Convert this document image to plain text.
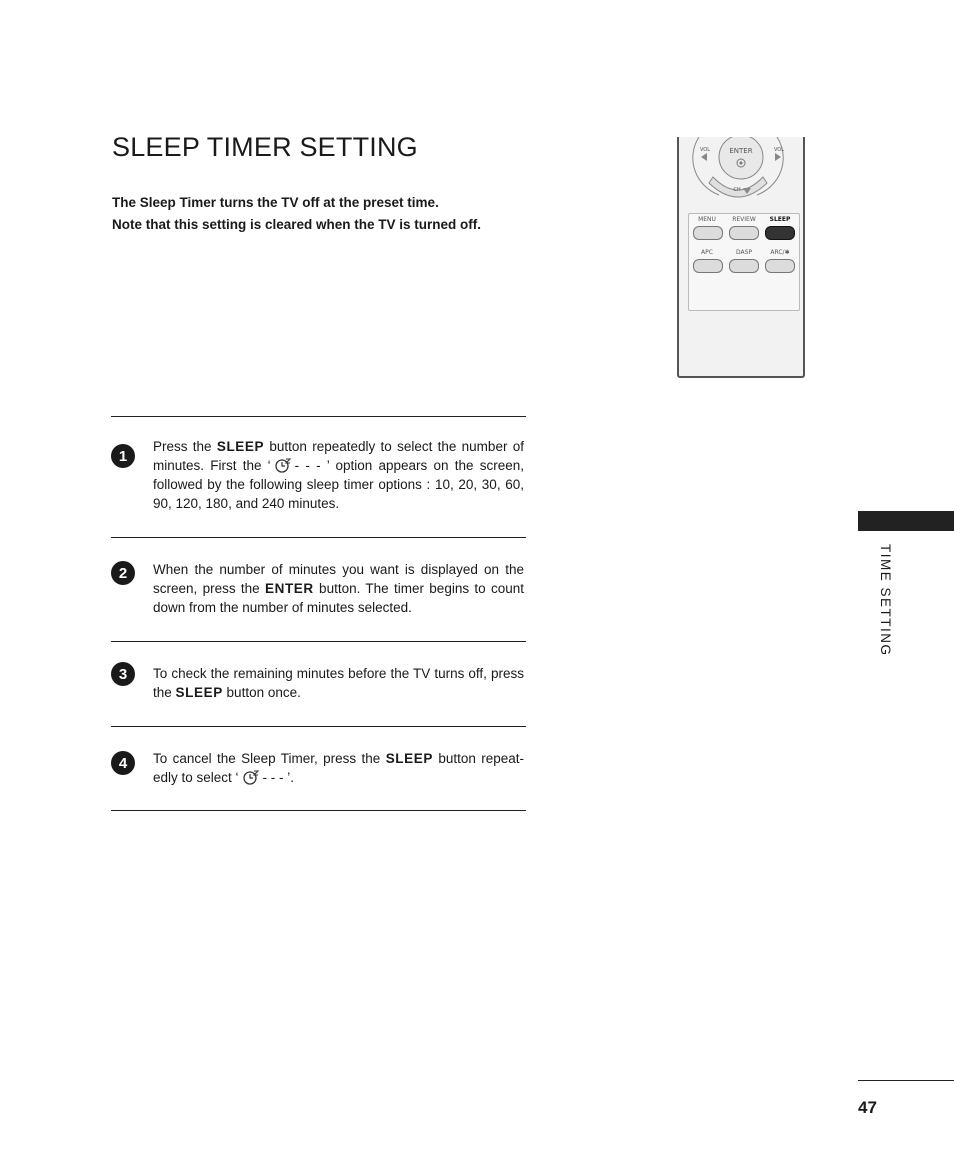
SLEEP TIMER SETTING
The Sleep Timer turns the TV off at the preset time.
Note that this setting is cleared when the TV is turned off.
ENTER
VOL	VOL
CH
MENU	REVIEW	SLEEP
APC	DASP	ARC/✱
1
Press the SLEEP button repeatedly to select the number of minutes. First the ‘ - - - ’ option appears on the screen, followed by the following sleep timer options : 10, 20, 30, 60, 90, 120, 180, and 240 minutes.
2	When the number of minutes you want is displayed on the screen, press the ENTER button. The timer begins to count down from the number of minutes selected.
3	To check the remaining minutes before the TV turns off, press the SLEEP button once.
4	To cancel the Sleep Timer, press the SLEEP button repeat-edly to select ‘ - - - ’.
TIME SETTING
47
